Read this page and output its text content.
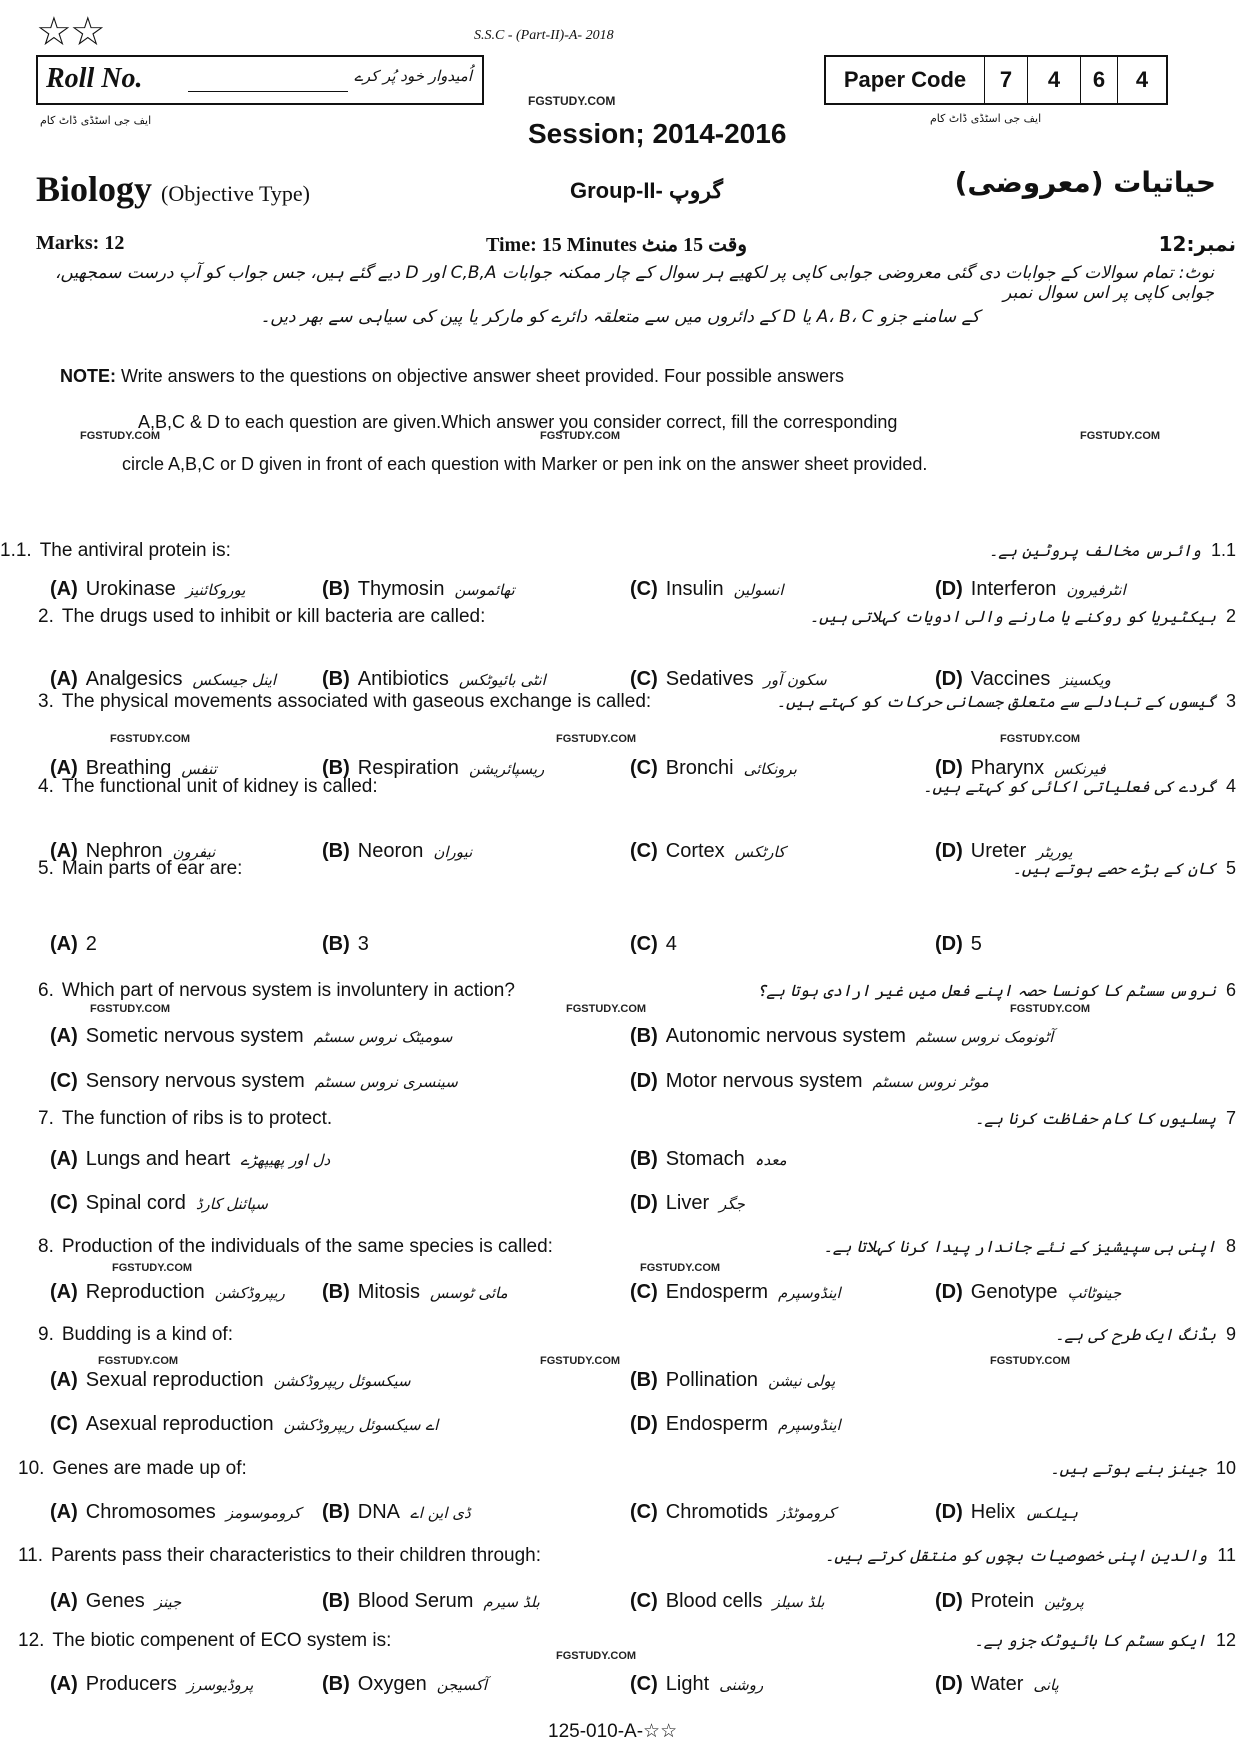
☆☆	S.S.C - (Part-II)-A- 2018
Roll No.	اُمیدوار خود پُر کرے
ایف جی اسٹڈی ڈاٹ کام
FGSTUDY.COM
Session; 2014-2016
Paper Code	7	4	6	4
ایف جی اسٹڈی ڈاٹ کام
Biology (Objective Type)	Group-II- گروپ	حیاتیات (معروضی)
Marks: 12	Time: 15 Minutes وقت 15 منٹ	نمبر:12
نوٹ: تمام سوالات کے جوابات دی گئی معروضی جوابی کاپی پر لکھیے ہر سوال کے چار ممکنہ جوابات C,B,A اور D دیے گئے ہیں، جس جواب کو آپ درست سمجھیں، جوابی کاپی پر اس سوال نمبر
کے سامنے جزو A، B، C یا D کے دائروں میں سے متعلقہ دائرے کو مارکر یا پین کی سیاہی سے بھر دیں۔
NOTE: Write answers to the questions on objective answer sheet provided. Four possible answers
A,B,C & D to each question are given.Which answer you consider correct, fill the corresponding
FGSTUDY.COM	FGSTUDY.COM	FGSTUDY.COM
circle A,B,C or D given in front of each question with Marker or pen ink on the answer sheet provided.
1.1. The antiviral protein is:	1.1وائرس مخالف پروٹین ہے۔
(A) Urokinase یوروکائنیز	(B) Thymosin تھائموسن	(C) Insulin انسولین	(D) Interferon انٹرفیرون
2. The drugs used to inhibit or kill bacteria are called:	2بیکٹیریا کو روکنے یا مارنے والی ادویات کہلاتی ہیں۔
(A) Analgesics اینل جیسکس (B) Antibiotics انٹی بائیوٹکس	(C) Sedatives سکون آور	(D) Vaccines ویکسینز
3. The physical movements associated with gaseous exchange is called:	3گیسوں کے تبادلے سے متعلق جسمانی حرکات کو کہتے ہیں۔
(A) Breathing تنفس	(B) Respiration ریسپائریشن	(C) Bronchi برونکائی	(D) Pharynx فیرنکس
4. The functional unit of kidney is called:	4گردے کی فعلیاتی اکائی کو کہتے ہیں۔
(A) Nephron نیفرون	(B) Neoron نیوران	(C) Cortex کارٹکس	(D) Ureter یوریٹر
5. Main parts of ear are:	5کان کے بڑے حصے ہوتے ہیں۔
(A) 2	(B) 3	(C) 4	(D) 5
6. Which part of nervous system is involuntery in action?	6نروس سسٹم کا کونسا حصہ اپنے فعل میں غیر ارادی ہوتا ہے؟
(A) Sometic nervous system سومیٹک نروس سسٹم	(B) Autonomic nervous system آٹونومک نروس سسٹم
(C) Sensory nervous system سینسری نروس سسٹم	(D) Motor nervous system موٹر نروس سسٹم
7. The function of ribs is to protect.	7پسلیوں کا کام حفاظت کرنا ہے۔
(A) Lungs and heart دل اور پھیپھڑے	(B) Stomach معدہ
(C) Spinal cord سپائنل کارڈ	(D) Liver جگر
8. Production of the individuals of the same species is called:	8اپنی ہی سپیشیز کے نئے جاندار پیدا کرنا کہلاتا ہے۔
(A) Reproduction ریپروڈکشن (B) Mitosis مائی ٹوسس	(C) Endosperm اینڈوسپرم	(D) Genotype جینوٹائپ
9. Budding is a kind of:	9بڈنگ ایک طرح کی ہے۔
(A) Sexual reproduction سیکسوئل ریپروڈکشن	(B) Pollination پولی نیشن
(C) Asexual reproduction اے سیکسوئل ریپروڈکشن	(D) Endosperm اینڈوسپرم
10. Genes are made up of:	10جینز بنے ہوتے ہیں۔
(A) Chromosomes کروموسومز (B) DNA ڈی این اے	(C) Chromotids کروموٹڈز	(D) Helix ہیلکس
11. Parents pass their characteristics to their children through:	11والدین اپنی خصوصیات بچوں کو منتقل کرتے ہیں۔
(A) Genes جینز	(B) Blood Serum بلڈ سیرم	(C) Blood cells بلڈ سیلز	(D) Protein پروٹین
12. The biotic compenent of ECO system is:	12ایکو سسٹم کا بائیوٹک جزو ہے۔
(A) Producers پروڈیوسرز	(B) Oxygen آکسیجن	(C) Light روشنی	(D) Water پانی
FGSTUDY.COM	FGSTUDY.COM	FGSTUDY.COM
FGSTUDY.COM	FGSTUDY.COM	FGSTUDY.COM
FGSTUDY.COM	FGSTUDY.COM
FGSTUDY.COM	FGSTUDY.COM	FGSTUDY.COM
FGSTUDY.COM
125-010-A-☆☆
